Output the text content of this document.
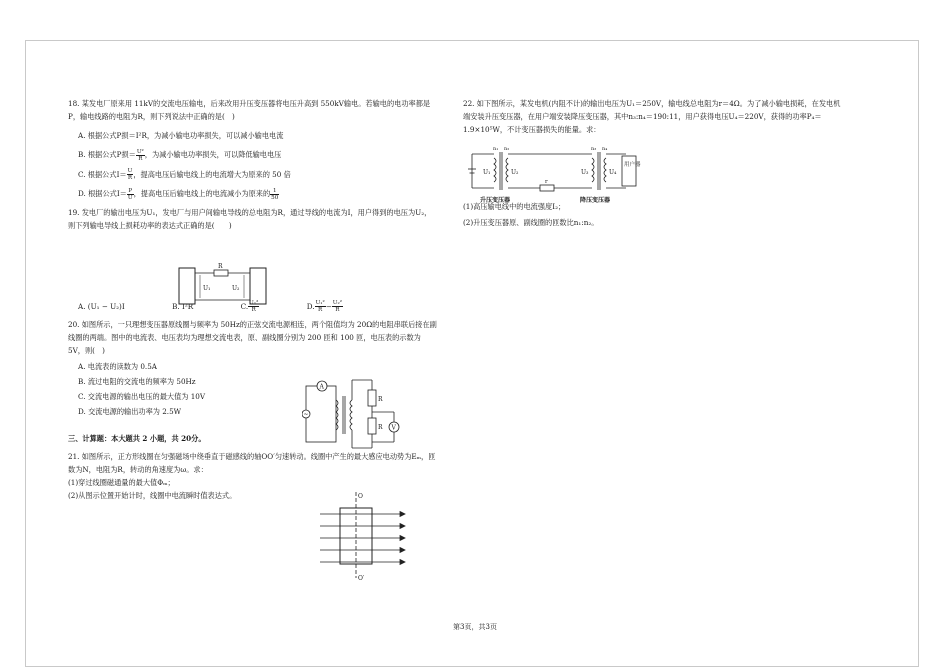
18. 某发电厂原来用 11kV的交流电压输电，后来改用升压变压器将电压升高到 550kV输电。若输电的电功率都是P，输电线路的电阻为R，则下列说法中正确的是(　)

A. 根据公式P损＝I²R，为减小输电功率损失，可以减小输电电流

B. 根据公式P损＝ $\frac{\text{U²}}{R}$ ，为减小输电功率损失，可以降低输电电压

C. 根据公式$I= \frac{U}{R}$ ，提高电压后输电线上的电流增大为原来的 50 倍

D. 根据公式$I= \frac{P}{U}$ ，提高电压后输电线上的电流减小为原来的 $\frac{1}{50}$

19. 发电厂的输出电压为U₁，发电厂与用户间输电导线的总电阻为R，通过导线的电流为I，用户得到的电压为U₂，则下列输电导线上损耗功率的表达式正确的是(　　)

A. (U₁ − U₂)I	B. I²R	C. $\frac{\text{U₁²}}{R}$	D. $\frac{\text{U₁²}}{R} - \frac{\text{U₂²}}{R}$

20. 如图所示，一只理想变压器原线圈与频率为 50Hz的正弦交流电源相连，两个阻值均为 20Ω的电阻串联后接在副线圈的两端。图中的电流表、电压表均为理想交流电表，原、副线圈分别为 200 匝和 100 匝，电压表的示数为 5V，则(　)

A. 电流表的读数为 0.5A

B. 流过电阻的交流电的频率为 50Hz

C. 交流电源的输出电压的最大值为 10V

D. 交流电源的输出功率为 2.5W

三、计算题：本大题共 2 小题，共 20分。

21. 如图所示，正方形线圈在匀强磁场中绕垂直于磁感线的轴OO′匀速转动。线圈中产生的最大感应电动势为Eₘ，匝数为N，电阻为R，转动的角速度为ω。求：

(1)穿过线圈磁通量的最大值Φₘ；

(2)从图示位置开始计时，线圈中电流瞬时值表达式。

22. 如下图所示，某发电机(内阻不计)的输出电压为U₁＝250V，输电线总电阻为r＝4Ω。为了减小输电损耗，在发电机端安装升压变压器，在用户端安装降压变压器，其中n₃:n₄＝190:11，用户获得电压U₄＝220V，获得的功率P₄＝1.9×10⁵W，不计变压器损失的能量。求：

(1)高压输电线中的电流强度I₂；

(2)升压变压器原、副线圈的匝数比n₁:n₂。

R
U₁	U₂
A
~
R
R V
O
O′
用户器
n₁ n₂	n₃ n₄
U₁	U₂	U₃	U₄
r
升压变压器	降压变压器
第3页，共3页
